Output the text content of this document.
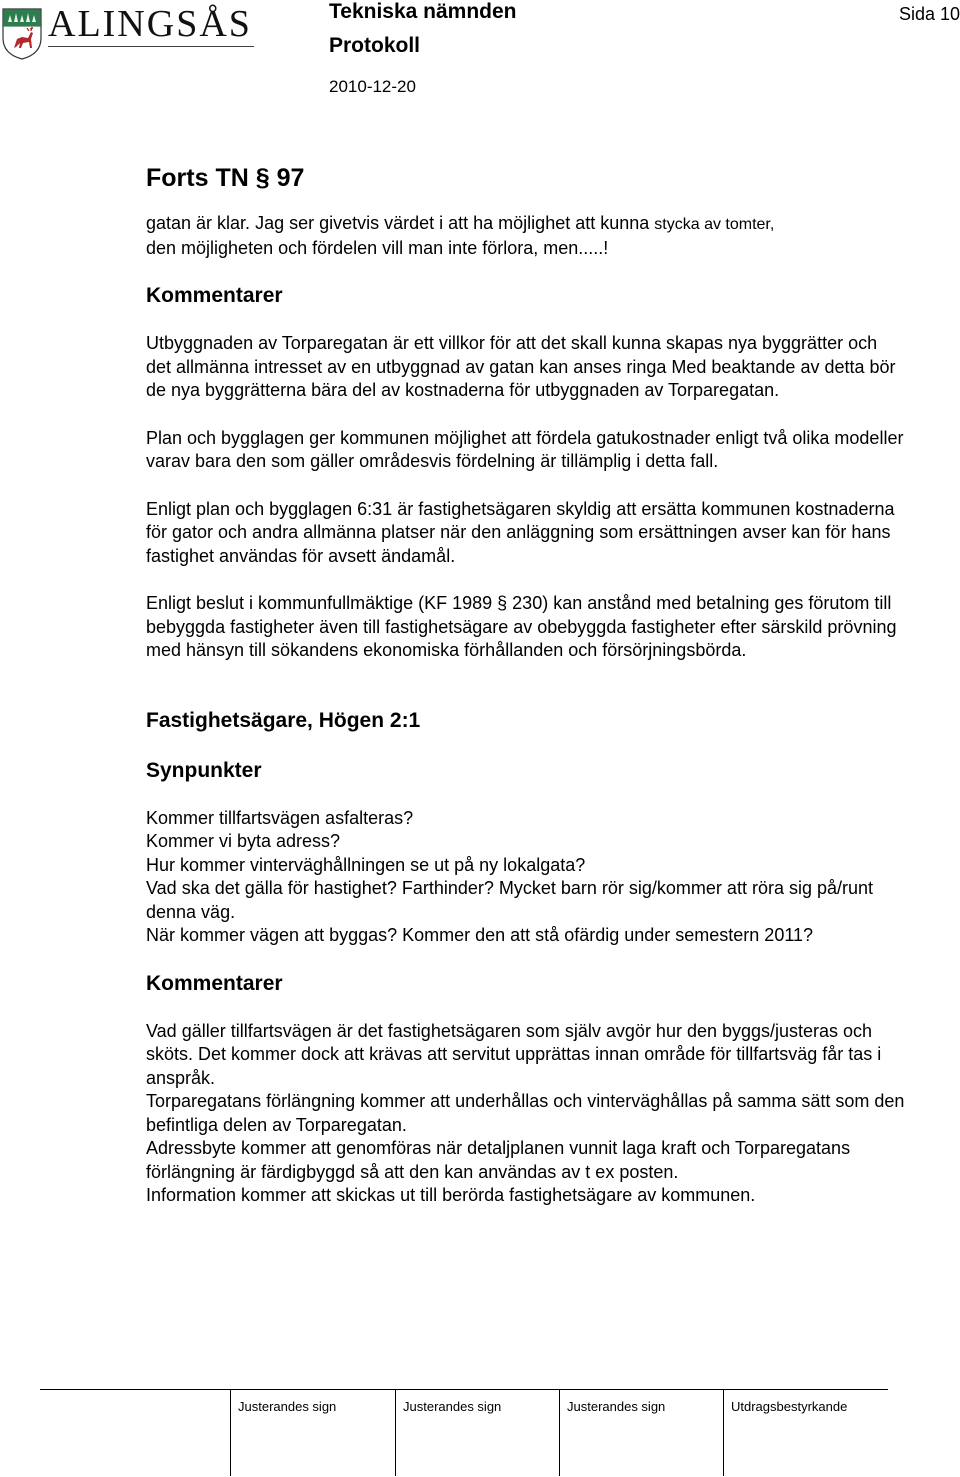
ALINGSÅS	Tekniska nämnden
Protokoll
2010-12-20
Sida 10
Forts TN § 97

gatan är klar. Jag ser givetvis värdet i att ha möjlighet att kunna stycka av tomter,

den möjligheten och fördelen vill man inte förlora, men.....!

Kommentarer

Utbyggnaden av Torparegatan är ett villkor för att det skall kunna skapas nya byggrätter och det allmänna intresset av en utbyggnad av gatan kan anses ringa Med beaktande av detta bör de nya byggrätterna bära del av kostnaderna för utbyggnaden av Torparegatan.

Plan och bygglagen ger kommunen möjlighet att fördela gatukostnader enligt två olika modeller varav bara den som gäller områdesvis fördelning är tillämplig i detta fall.

Enligt plan och bygglagen 6:31 är fastighetsägaren skyldig att ersätta kommunen kostnaderna för gator och andra allmänna platser när den anläggning som ersättningen avser kan för hans fastighet användas för avsett ändamål.

Enligt beslut i kommunfullmäktige (KF 1989 § 230) kan anstånd med betalning ges förutom till bebyggda fastigheter även till fastighetsägare av obebyggda fastigheter efter särskild prövning med hänsyn till sökandens ekonomiska förhållanden och försörjningsbörda.

Fastighetsägare, Högen 2:1
Synpunkter

Kommer tillfartsvägen asfalteras?

Kommer vi byta adress?

Hur kommer vinterväghållningen se ut på ny lokalgata?

Vad ska det gälla för hastighet? Farthinder? Mycket barn rör sig/kommer att röra sig på/runt denna väg.

När kommer vägen att byggas? Kommer den att stå ofärdig under semestern 2011?

Kommentarer

Vad gäller tillfartsvägen är det fastighetsägaren som själv avgör hur den byggs/justeras och sköts. Det kommer dock att krävas att servitut upprättas innan område för tillfartsväg får tas i anspråk.

Torparegatans förlängning kommer att underhållas och vinterväghållas på samma sätt som den befintliga delen av Torparegatan.

Adressbyte kommer att genomföras när detaljplanen vunnit laga kraft och Torparegatans förlängning är färdigbyggd så att den kan användas av t ex posten.

Information kommer att skickas ut till berörda fastighetsägare av kommunen.

Justerandes sign	Justerandes sign	Justerandes sign	Utdragsbestyrkande
